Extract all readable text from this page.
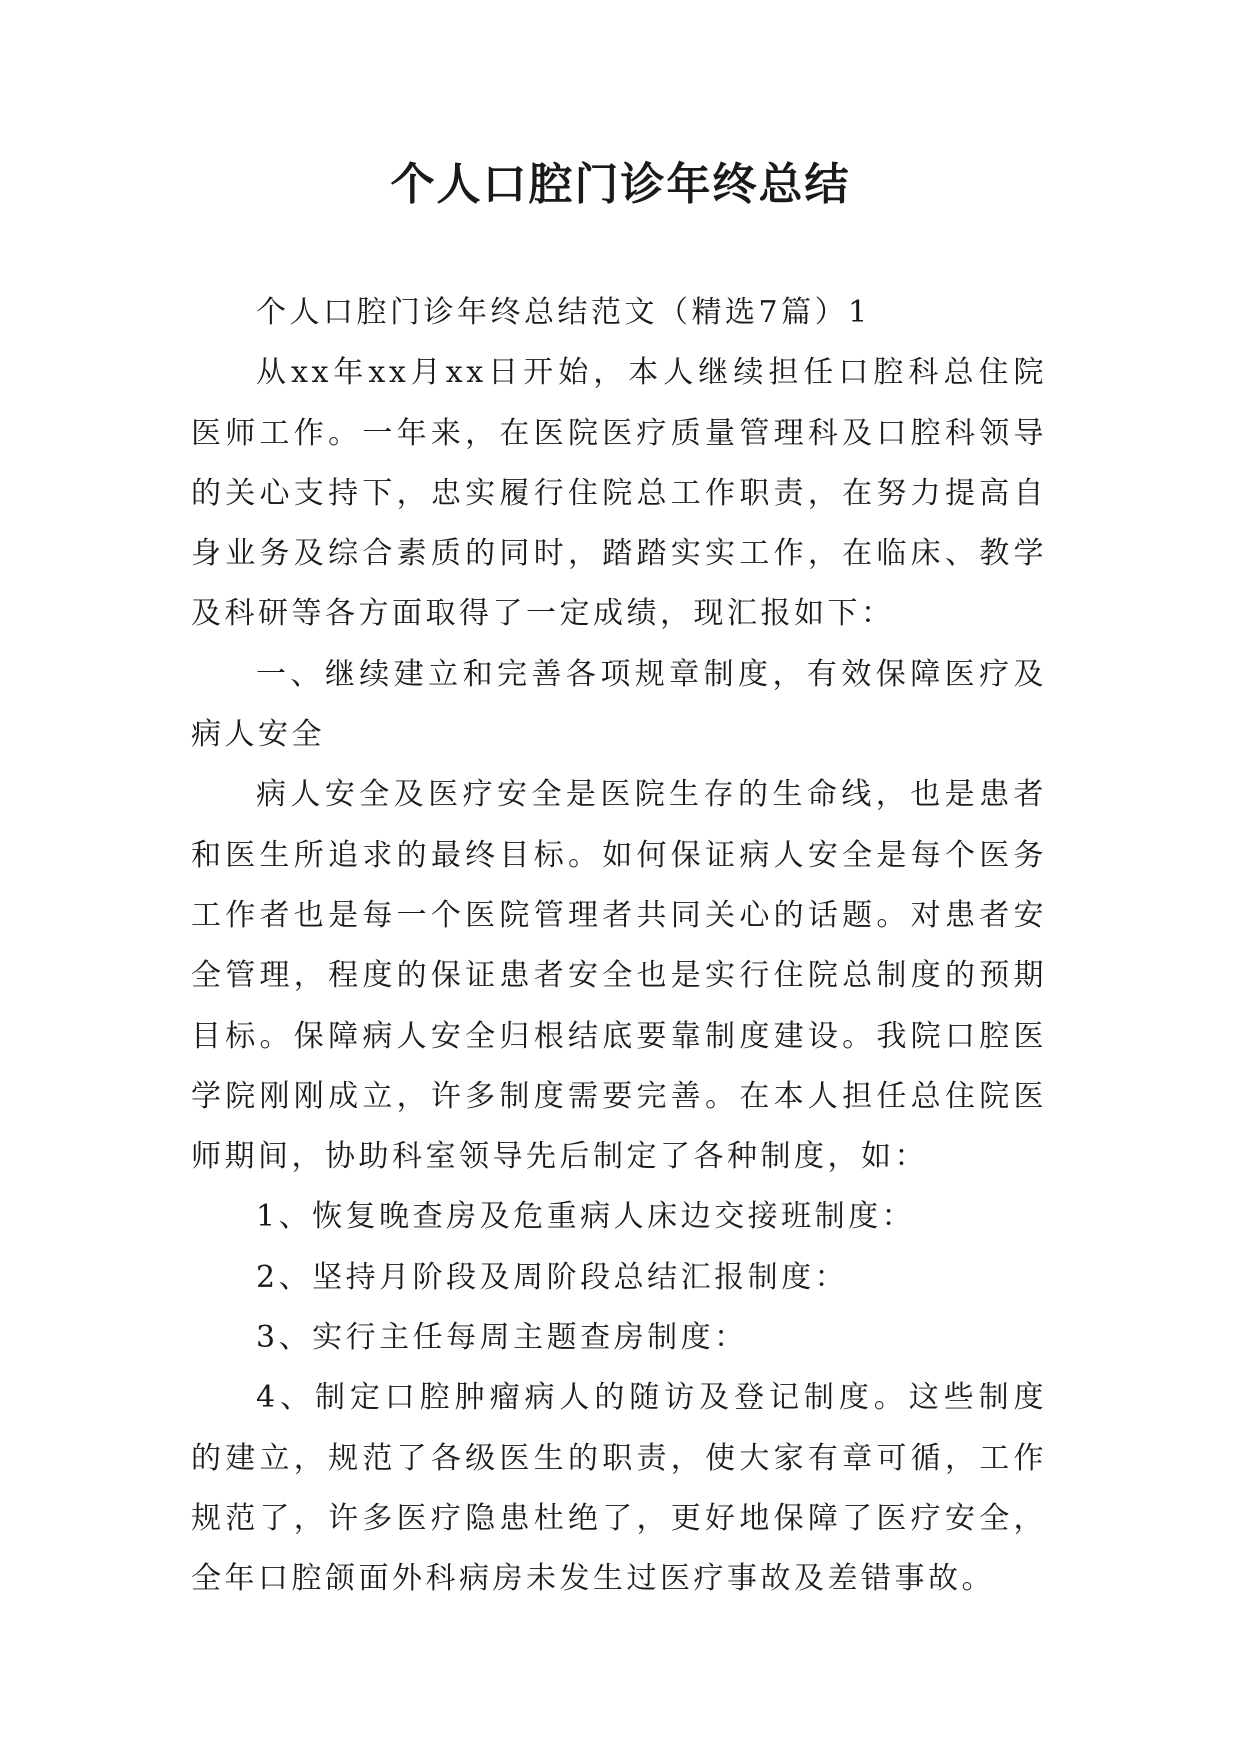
个人口腔门诊年终总结

个人口腔门诊年终总结范文（精选7篇）1

从xx年xx月xx日开始，本人继续担任口腔科总住院医师工作。一年来，在医院医疗质量管理科及口腔科领导的关心支持下，忠实履行住院总工作职责，在努力提高自身业务及综合素质的同时，踏踏实实工作，在临床、教学及科研等各方面取得了一定成绩，现汇报如下：

一、继续建立和完善各项规章制度，有效保障医疗及病人安全

病人安全及医疗安全是医院生存的生命线，也是患者和医生所追求的最终目标。如何保证病人安全是每个医务工作者也是每一个医院管理者共同关心的话题。对患者安全管理，程度的保证患者安全也是实行住院总制度的预期目标。保障病人安全归根结底要靠制度建设。我院口腔医学院刚刚成立，许多制度需要完善。在本人担任总住院医师期间，协助科室领导先后制定了各种制度，如：

1、恢复晚查房及危重病人床边交接班制度：

2、坚持月阶段及周阶段总结汇报制度：

3、实行主任每周主题查房制度：

4、制定口腔肿瘤病人的随访及登记制度。这些制度的建立，规范了各级医生的职责，使大家有章可循，工作规范了，许多医疗隐患杜绝了，更好地保障了医疗安全，全年口腔颌面外科病房未发生过医疗事故及差错事故。
